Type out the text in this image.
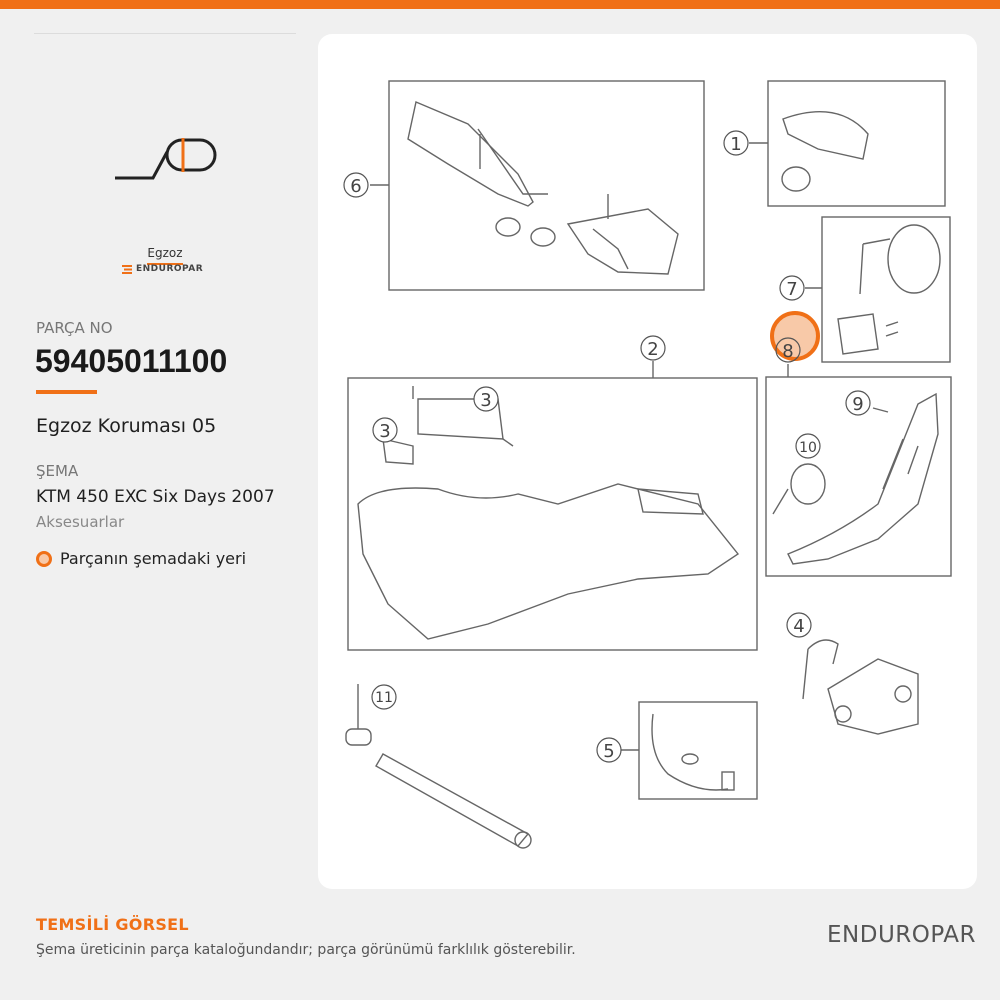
Egzoz
ENDUROPAR
PARÇA NO
59405011100
Egzoz Koruması 05
ŞEMA
KTM 450 EXC Six Days 2007
Aksesuarlar
Parçanın şemadaki yeri
6
1
7
2	8
3
3
9
10
4
11
5
TEMSİLİ GÖRSEL
Şema üreticinin parça kataloğundandır; parça görünümü farklılık gösterebilir.
ENDUROPAR
